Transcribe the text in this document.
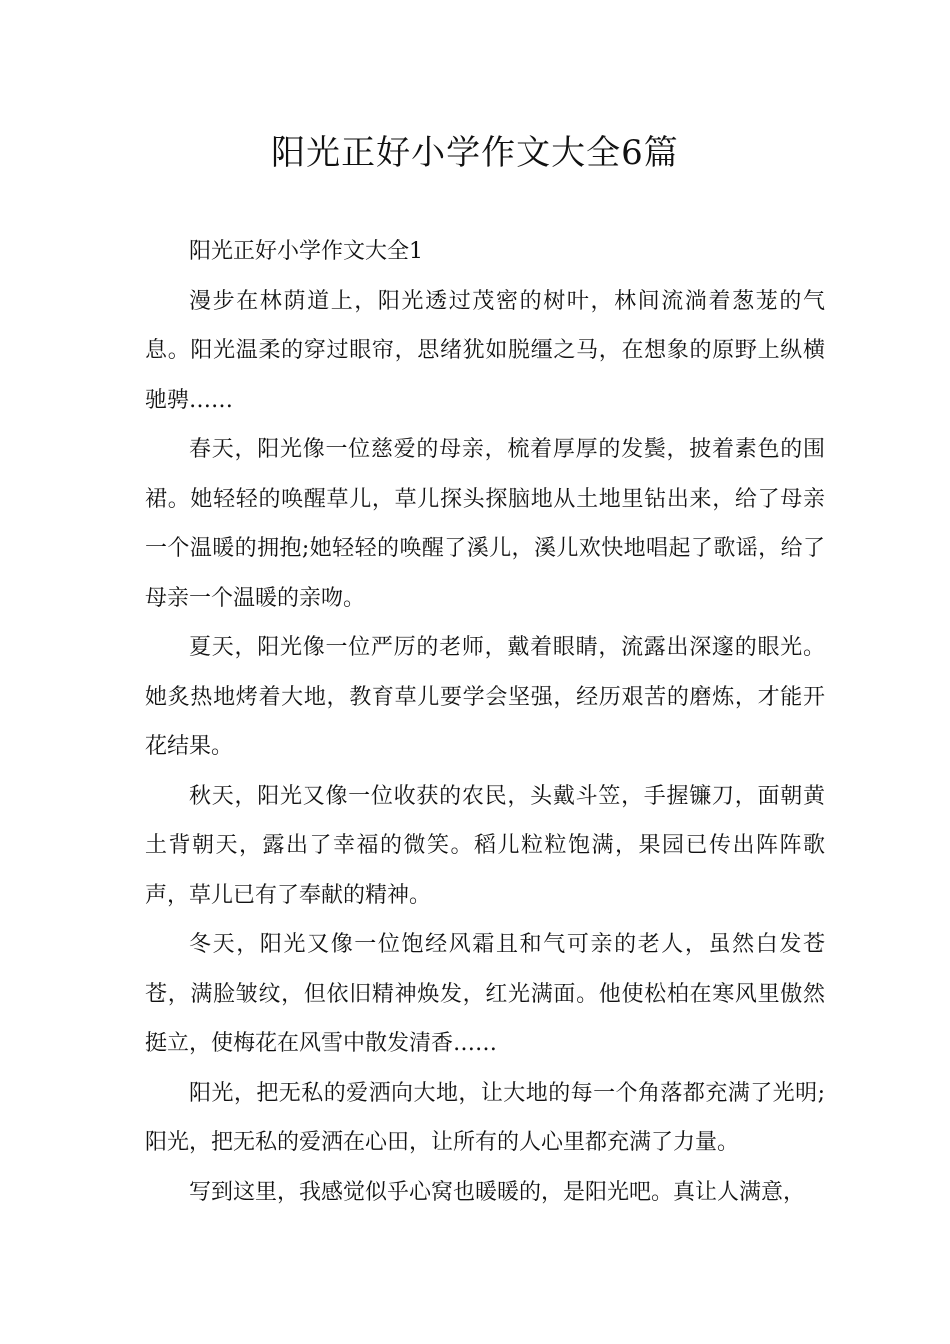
阳光正好小学作文大全6篇

阳光正好小学作文大全1

漫步在林荫道上，阳光透过茂密的树叶，林间流淌着葱茏的气息。阳光温柔的穿过眼帘，思绪犹如脱缰之马，在想象的原野上纵横驰骋……

春天，阳光像一位慈爱的母亲，梳着厚厚的发鬓，披着素色的围裙。她轻轻的唤醒草儿，草儿探头探脑地从土地里钻出来，给了母亲一个温暖的拥抱;她轻轻的唤醒了溪儿，溪儿欢快地唱起了歌谣，给了母亲一个温暖的亲吻。

夏天，阳光像一位严厉的老师，戴着眼睛，流露出深邃的眼光。她炙热地烤着大地，教育草儿要学会坚强，经历艰苦的磨炼，才能开花结果。

秋天，阳光又像一位收获的农民，头戴斗笠，手握镰刀，面朝黄土背朝天，露出了幸福的微笑。稻儿粒粒饱满，果园已传出阵阵歌声，草儿已有了奉献的精神。

冬天，阳光又像一位饱经风霜且和气可亲的老人，虽然白发苍苍，满脸皱纹，但依旧精神焕发，红光满面。他使松柏在寒风里傲然挺立，使梅花在风雪中散发清香……

阳光，把无私的爱洒向大地，让大地的每一个角落都充满了光明;阳光，把无私的爱洒在心田，让所有的人心里都充满了力量。

写到这里，我感觉似乎心窝也暖暖的，是阳光吧。真让人满意，
